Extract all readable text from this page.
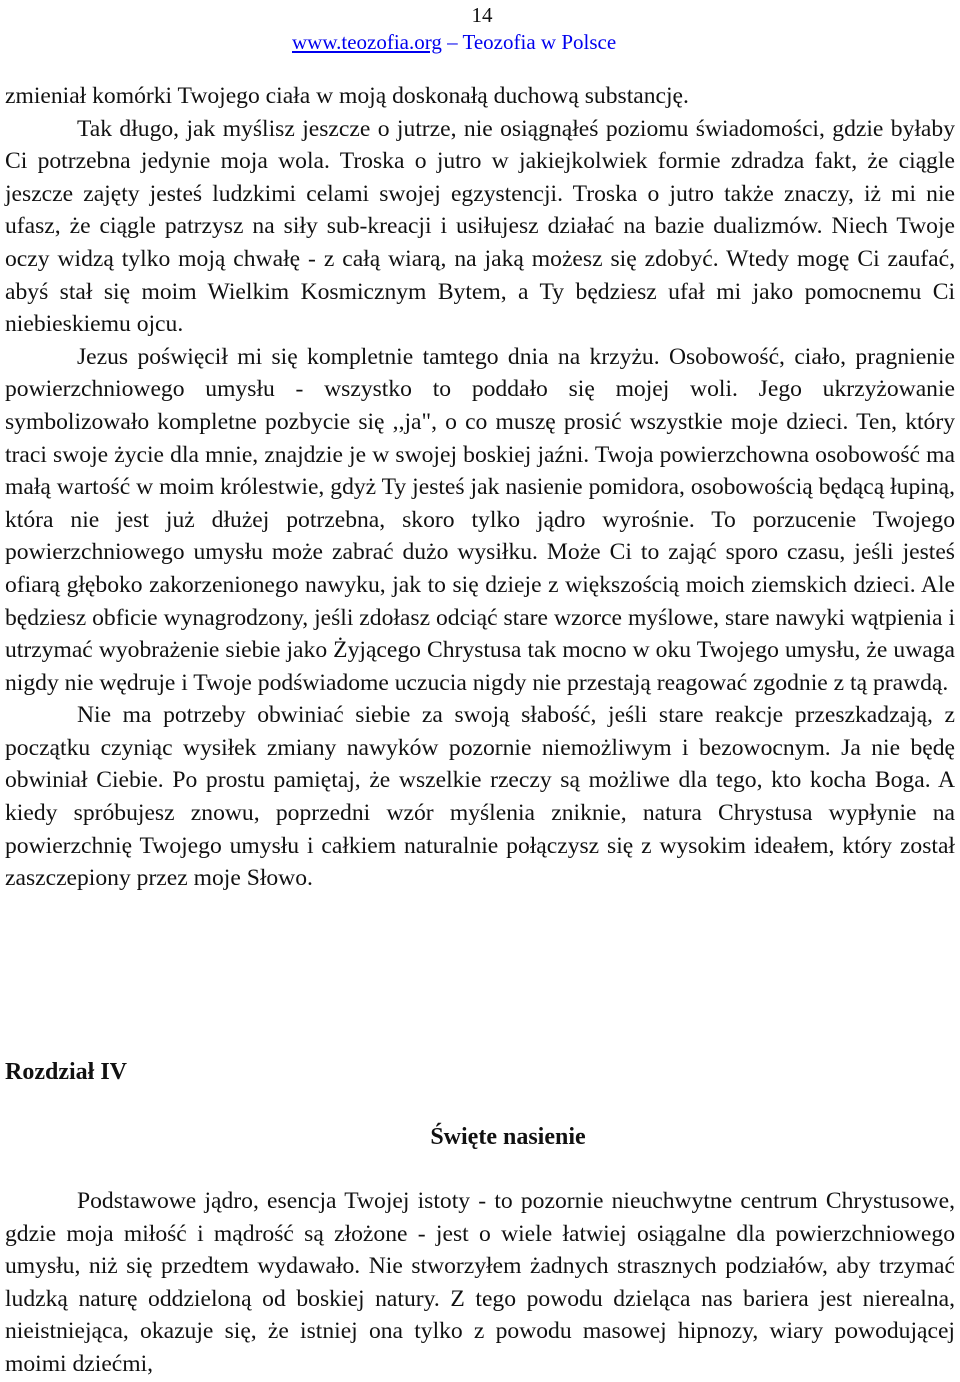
14
www.teozofia.org – Teozofia w Polsce

zmieniał komórki Twojego ciała w moją doskonałą duchową substancję.

Tak długo, jak myślisz jeszcze o jutrze, nie osiągnąłeś poziomu świadomości, gdzie byłaby Ci potrzebna jedynie moja wola. Troska o jutro w jakiejkolwiek formie zdradza fakt, że ciągle jeszcze zajęty jesteś ludzkimi celami swojej egzystencji. Troska o jutro także znaczy, iż mi nie ufasz, że ciągle patrzysz na siły sub-kreacji i usiłujesz działać na bazie dualizmów. Niech Twoje oczy widzą tylko moją chwałę - z całą wiarą, na jaką możesz się zdobyć. Wtedy mogę Ci zaufać, abyś stał się moim Wielkim Kosmicznym Bytem, a Ty będziesz ufał mi jako pomocnemu Ci niebieskiemu ojcu.

Jezus poświęcił mi się kompletnie tamtego dnia na krzyżu. Osobowość, ciało, pragnienie powierzchniowego umysłu - wszystko to poddało się mojej woli. Jego ukrzyżowanie symbolizowało kompletne pozbycie się ,,ja", o co muszę prosić wszystkie moje dzieci. Ten, który traci swoje życie dla mnie, znajdzie je w swojej boskiej jaźni. Twoja powierzchowna osobowość ma małą wartość w moim królestwie, gdyż Ty jesteś jak nasienie pomidora, osobowością będącą łupiną, która nie jest już dłużej potrzebna, skoro tylko jądro wyrośnie. To porzucenie Twojego powierzchniowego umysłu może zabrać dużo wysiłku. Może Ci to zająć sporo czasu, jeśli jesteś ofiarą głęboko zakorzenionego nawyku, jak to się dzieje z większością moich ziemskich dzieci. Ale będziesz obficie wynagrodzony, jeśli zdołasz odciąć stare wzorce myślowe, stare nawyki wątpienia i utrzymać wyobrażenie siebie jako Żyjącego Chrystusa tak mocno w oku Twojego umysłu, że uwaga nigdy nie wędruje i Twoje podświadome uczucia nigdy nie przestają reagować zgodnie z tą prawdą.

Nie ma potrzeby obwiniać siebie za swoją słabość, jeśli stare reakcje przeszkadzają, z początku czyniąc wysiłek zmiany nawyków pozornie niemożliwym i bezowocnym. Ja nie będę obwiniał Ciebie. Po prostu pamiętaj, że wszelkie rzeczy są możliwe dla tego, kto kocha Boga. A kiedy spróbujesz znowu, poprzedni wzór myślenia zniknie, natura Chrystusa wypłynie na powierzchnię Twojego umysłu i całkiem naturalnie połączysz się z wysokim ideałem, który został zaszczepiony przez moje Słowo.

Rozdział IV
Święte nasienie

Podstawowe jądro, esencja Twojej istoty - to pozornie nieuchwytne centrum Chrystusowe, gdzie moja miłość i mądrość są złożone - jest o wiele łatwiej osiągalne dla powierzchniowego umysłu, niż się przedtem wydawało. Nie stworzyłem żadnych strasznych podziałów, aby trzymać ludzką naturę oddzieloną od boskiej natury. Z tego powodu dzieląca nas bariera jest nierealna, nieistniejąca, okazuje się, że istniej ona tylko z powodu masowej hipnozy, wiary powodującej moimi dziećmi,
